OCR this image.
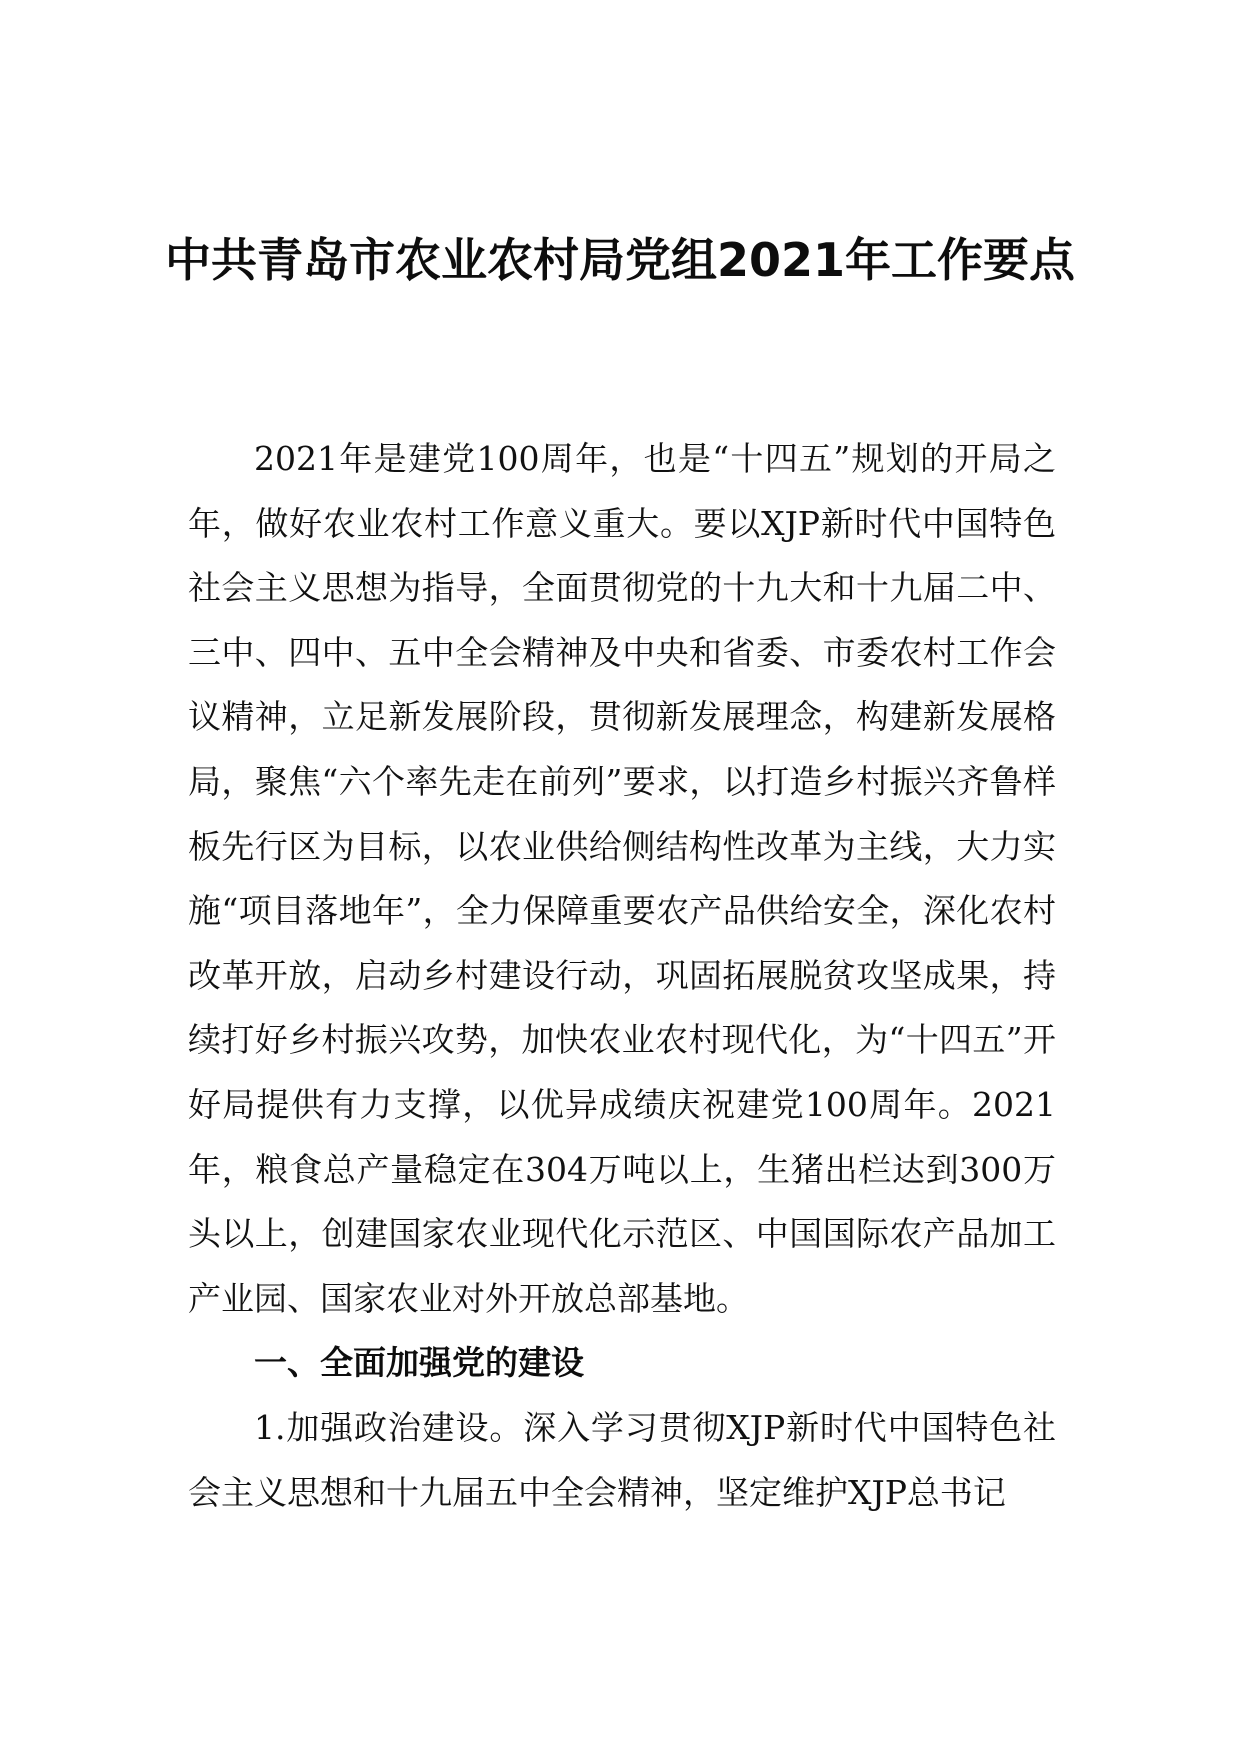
中共青岛市农业农村局党组2021年工作要点

2021年是建党100周年，也是“十四五”规划的开局之年，做好农业农村工作意义重大。要以XJP新时代中国特色社会主义思想为指导，全面贯彻党的十九大和十九届二中、三中、四中、五中全会精神及中央和省委、市委农村工作会议精神，立足新发展阶段，贯彻新发展理念，构建新发展格局，聚焦“六个率先走在前列”要求，以打造乡村振兴齐鲁样板先行区为目标，以农业供给侧结构性改革为主线，大力实施“项目落地年”，全力保障重要农产品供给安全，深化农村改革开放，启动乡村建设行动，巩固拓展脱贫攻坚成果，持续打好乡村振兴攻势，加快农业农村现代化，为“十四五”开好局提供有力支撑，以优异成绩庆祝建党100周年。2021年，粮食总产量稳定在304万吨以上，生猪出栏达到300万头以上，创建国家农业现代化示范区、中国国际农产品加工产业园、国家农业对外开放总部基地。

一、全面加强党的建设

1.加强政治建设。深入学习贯彻XJP新时代中国特色社会主义思想和十九届五中全会精神，坚定维护XJP总书记
